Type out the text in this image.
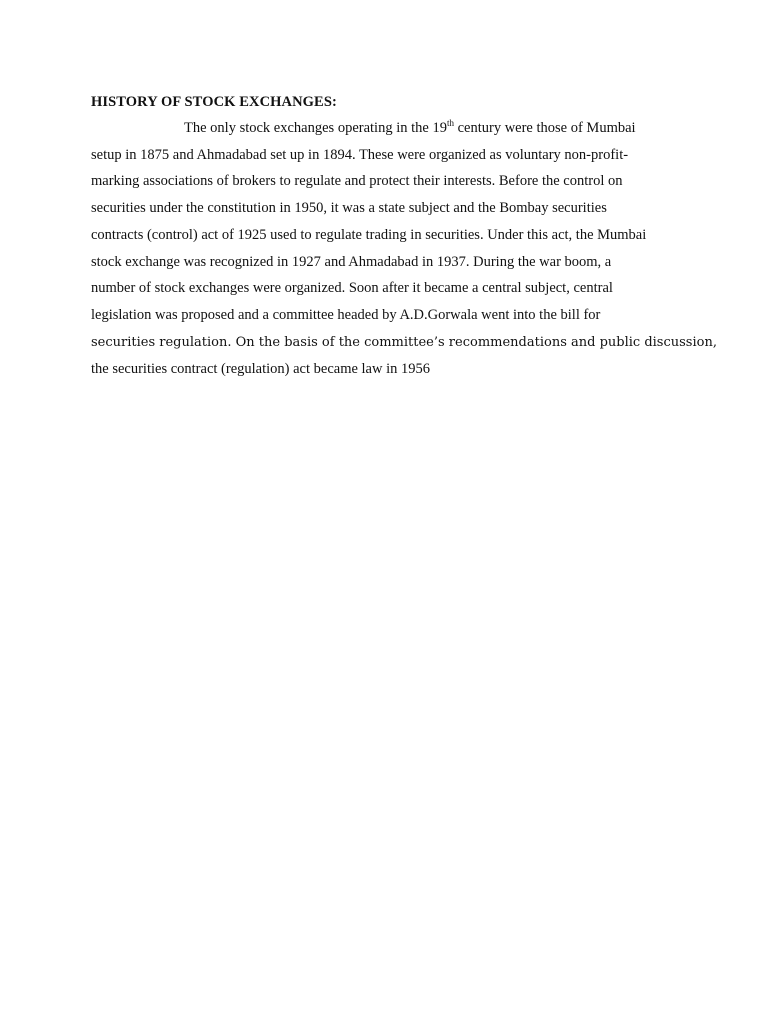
HISTORY OF STOCK EXCHANGES:

The only stock exchanges operating in the 19th century were those of Mumbai
setup in 1875 and Ahmadabad set up in 1894. These were organized as voluntary non-profit-
marking associations of brokers to regulate and protect their interests. Before the control on
securities under the constitution in 1950, it was a state subject and the Bombay securities
contracts (control) act of 1925 used to regulate trading in securities. Under this act, the Mumbai
stock exchange was recognized in 1927 and Ahmadabad in 1937. During the war boom, a
number of stock exchanges were organized. Soon after it became a central subject, central
legislation was proposed and a committee headed by A.D.Gorwala went into the bill for
securities regulation. On the basis of the committee’s recommendations and public discussion,
the securities contract (regulation) act became law in 1956
